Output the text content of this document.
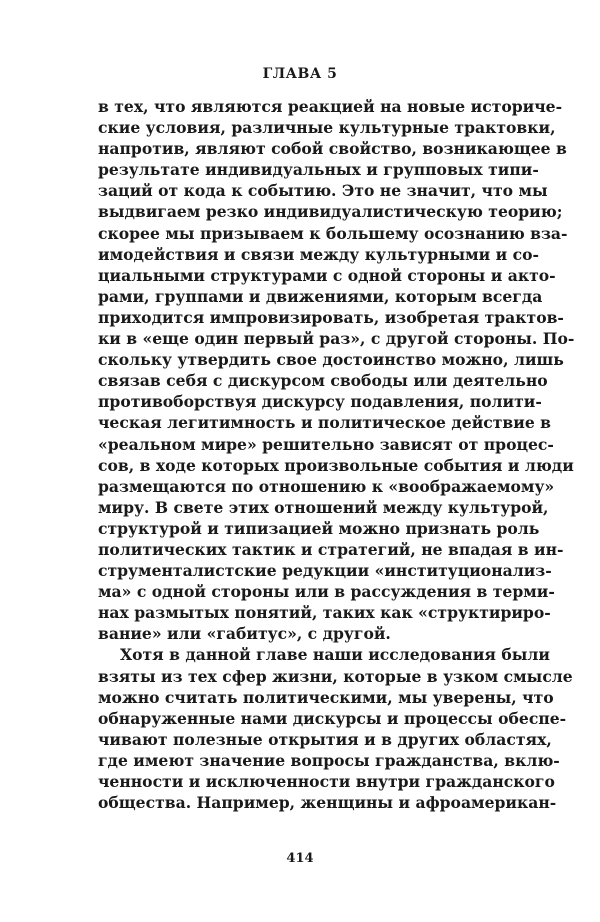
ГЛАВА 5
в тех, что являются реакцией на новые историче-
ские условия, различные культурные трактовки,
напротив, являют собой свойство, возникающее в
результате индивидуальных и групповых типи-
заций от кода к событию. Это не значит, что мы
выдвигаем резко индивидуалистическую теорию;
скорее мы призываем к большему осознанию вза-
имодействия и связи между культурными и со-
циальными структурами с одной стороны и акто-
рами, группами и движениями, которым всегда
приходится импровизировать, изобретая трактов-
ки в «еще один первый раз», с другой стороны. По-
скольку утвердить свое достоинство можно, лишь
связав себя с дискурсом свободы или деятельно
противоборствуя дискурсу подавления, полити-
ческая легитимность и политическое действие в
«реальном мире» решительно зависят от процес-
сов, в ходе которых произвольные события и люди
размещаются по отношению к «воображаемому»
миру. В свете этих отношений между культурой,
структурой и типизацией можно признать роль
политических тактик и стратегий, не впадая в ин-
струменталистские редукции «институционализ-
ма» с одной стороны или в рассуждения в терми-
нах размытых понятий, таких как «структириро-
вание» или «габитус», с другой.
Хотя в данной главе наши исследования были
взяты из тех сфер жизни, которые в узком смысле
можно считать политическими, мы уверены, что
обнаруженные нами дискурсы и процессы обеспе-
чивают полезные открытия и в других областях,
где имеют значение вопросы гражданства, вклю-
ченности и исключенности внутри гражданского
общества. Например, женщины и афроамерикан-
414
